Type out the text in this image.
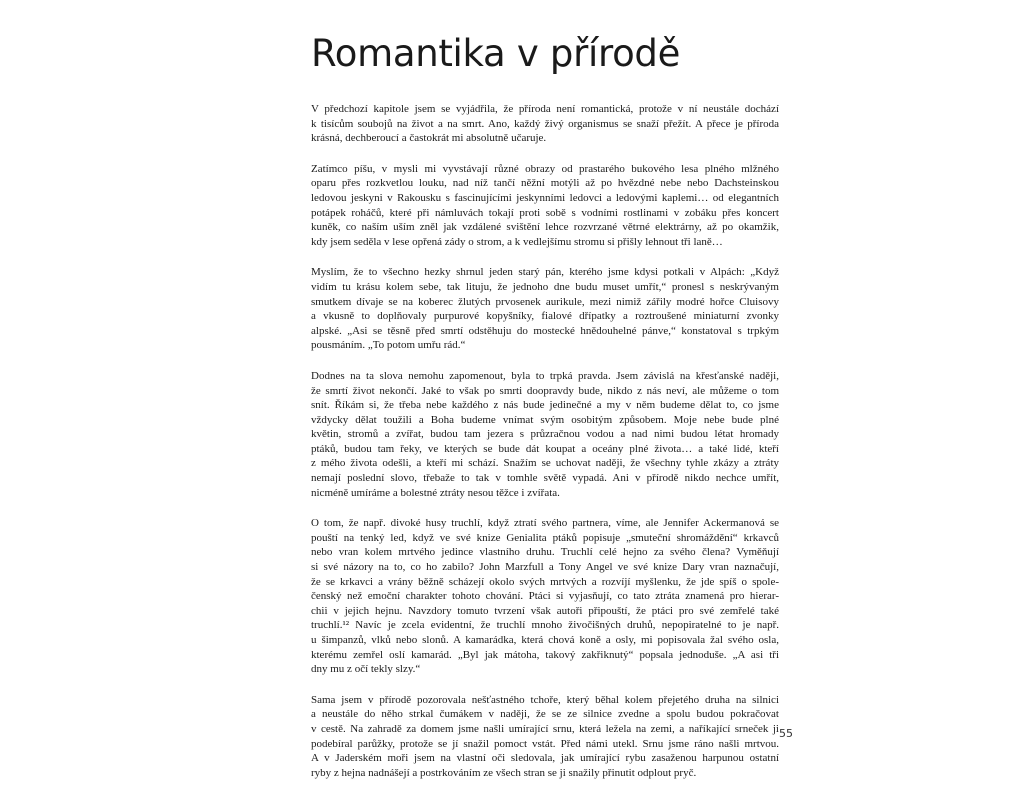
Romantika v přírodě

V předchozí kapitole jsem se vyjádřila, že příroda není romantická, protože v ní neustále dochází
k tisícům soubojů na život a na smrt. Ano, každý živý organismus se snaží přežít. A přece je příroda
krásná, dechberoucí a častokrát mi absolutně učaruje.

Zatímco píšu, v mysli mi vyvstávají různé obrazy od prastarého bukového lesa plného mlžného
oparu přes rozkvetlou louku, nad níž tančí něžní motýli až po hvězdné nebe nebo Dachsteinskou
ledovou jeskyni v Rakousku s fascinujícími jeskynními ledovci a ledovými kaplemi… od elegantních
potápek roháčů, které při námluvách tokají proti sobě s vodními rostlinami v zobáku přes koncert
kuněk, co naším uším zněl jak vzdálené svištění lehce rozvrzané větrné elektrárny, až po okamžik,
kdy jsem seděla v lese opřená zády o strom, a k vedlejšímu stromu si přišly lehnout tři laně…

Myslím, že to všechno hezky shrnul jeden starý pán, kterého jsme kdysi potkali v Alpách: „Když
vidím tu krásu kolem sebe, tak lituju, že jednoho dne budu muset umřít,“ pronesl s neskrývaným
smutkem dívaje se na koberec žlutých prvosenek aurikule, mezi nimiž zářily modré hořce Cluisovy
a vkusně to doplňovaly purpurové kopyšníky, fialové dřípatky a roztroušené miniaturní zvonky
alpské. „Asi se těsně před smrtí odstěhuju do mostecké hnědouhelné pánve,“ konstatoval s trpkým
pousmáním. „To potom umřu rád.“

Dodnes na ta slova nemohu zapomenout, byla to trpká pravda. Jsem závislá na křesťanské naději,
že smrtí život nekončí. Jaké to však po smrti doopravdy bude, nikdo z nás neví, ale můžeme o tom
snít. Říkám si, že třeba nebe každého z nás bude jedinečné a my v něm budeme dělat to, co jsme
vždycky dělat toužili a Boha budeme vnímat svým osobitým způsobem. Moje nebe bude plné
květin, stromů a zvířat, budou tam jezera s průzračnou vodou a nad nimi budou létat hromady
ptáků, budou tam řeky, ve kterých se bude dát koupat a oceány plné života… a také lidé, kteří
z mého života odešli, a kteří mi schází. Snažím se uchovat naději, že všechny tyhle zkázy a ztráty
nemají poslední slovo, třebaže to tak v tomhle světě vypadá. Ani v přírodě nikdo nechce umřít,
nicméně umíráme a bolestné ztráty nesou těžce i zvířata.

O tom, že např. divoké husy truchlí, když ztratí svého partnera, víme, ale Jennifer Ackermanová se
pouští na tenký led, když ve své knize Genialita ptáků popisuje „smuteční shromáždění“ krkavců
nebo vran kolem mrtvého jedince vlastního druhu. Truchlí celé hejno za svého člena? Vyměňují
si své názory na to, co ho zabilo? John Marzfull a Tony Angel ve své knize Dary vran naznačují,
že se krkavci a vrány běžně scházejí okolo svých mrtvých a rozvíjí myšlenku, že jde spíš o spole-
čenský než emoční charakter tohoto chování. Ptáci si vyjasňují, co tato ztráta znamená pro hierar-
chii v jejich hejnu. Navzdory tomuto tvrzení však autoři připouští, že ptáci pro své zemřelé také
truchlí.¹² Navíc je zcela evidentní, že truchlí mnoho živočišných druhů, nepopiratelné to je např.
u šimpanzů, vlků nebo slonů. A kamarádka, která chová koně a osly, mi popisovala žal svého osla,
kterému zemřel oslí kamarád. „Byl jak mátoha, takový zakřiknutý“ popsala jednoduše. „A asi tři
dny mu z očí tekly slzy.“

Sama jsem v přírodě pozorovala nešťastného tchoře, který běhal kolem přejetého druha na silnici
a neustále do něho strkal čumákem v naději, že se ze silnice zvedne a spolu budou pokračovat
v cestě. Na zahradě za domem jsme našli umírající srnu, která ležela na zemi, a naříkající srneček ji
podebíral parůžky, protože se jí snažil pomoct vstát. Před námi utekl. Srnu jsme ráno našli mrtvou.
A v Jaderském moři jsem na vlastní oči sledovala, jak umírající rybu zasaženou harpunou ostatní
ryby z hejna nadnášejí a postrkováním ze všech stran se ji snažily přinutit odplout pryč.

55
